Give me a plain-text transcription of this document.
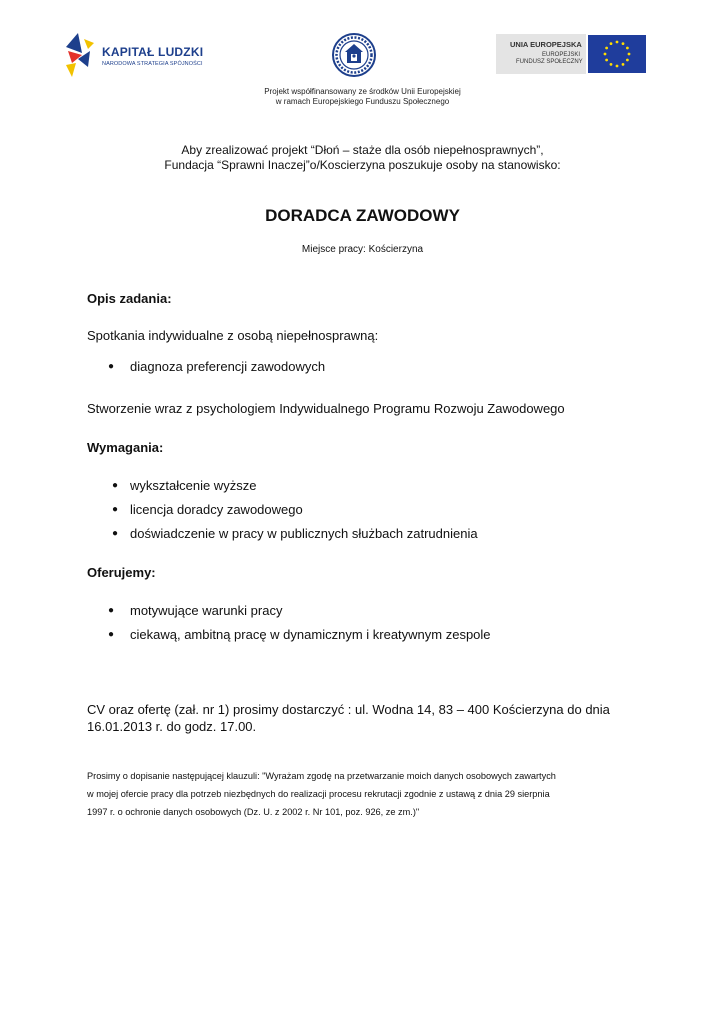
KAPITAŁ LUDZKI
NARODOWA STRATEGIA SPÓJNOŚCI
UNIA EUROPEJSKA
EUROPEJSKI
FUNDUSZ SPOŁECZNY
Projekt współfinansowany ze środków Unii Europejskiej
w ramach Europejskiego Funduszu Społecznego
Aby zrealizować projekt “Dłoń – staże dla osób niepełnosprawnych”,
Fundacja “Sprawni Inaczej”o/Koscierzyna poszukuje osoby na stanowisko:
DORADCA ZAWODOWY
Miejsce pracy: Kościerzyna
Opis zadania:
Spotkania indywidualne z osobą niepełnosprawną:
● diagnoza preferencji zawodowych
Stworzenie wraz z psychologiem Indywidualnego Programu Rozwoju Zawodowego
Wymagania:
● wykształcenie wyższe
● licencja doradcy zawodowego
● doświadczenie w pracy w publicznych służbach zatrudnienia
Oferujemy:
● motywujące warunki pracy
● ciekawą, ambitną pracę w dynamicznym i kreatywnym zespole
CV oraz ofertę (zał. nr 1) prosimy dostarczyć : ul. Wodna 14, 83 – 400 Kościerzyna do dnia
16.01.2013 r. do godz. 17.00.
Prosimy o dopisanie następującej klauzuli: "Wyrażam zgodę na przetwarzanie moich danych osobowych zawartych
w mojej ofercie pracy dla potrzeb niezbędnych do realizacji procesu rekrutacji zgodnie z ustawą z dnia 29 sierpnia
1997 r. o ochronie danych osobowych (Dz. U. z 2002 r. Nr 101, poz. 926, ze zm.)"
